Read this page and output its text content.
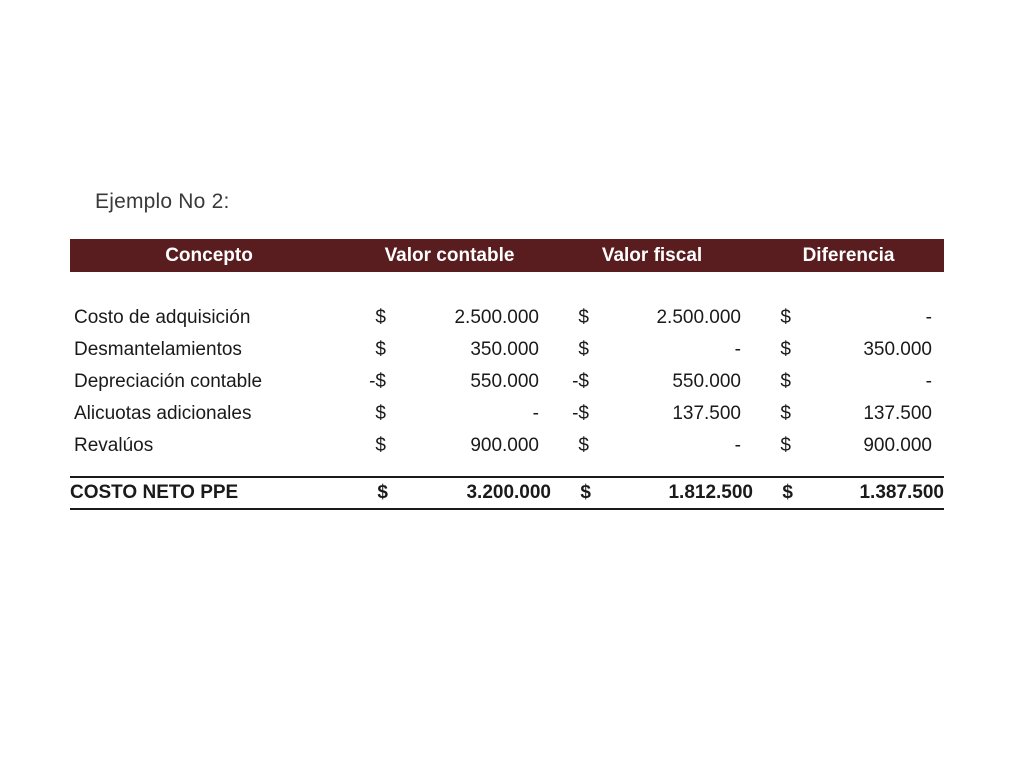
Ejemplo No 2:
Concepto	Valor contable		Valor fiscal		Diferencia	

Costo de adquisición	$	2.500.000	$	2.500.000	$	-
Desmantelamientos	$	350.000	$	-	$	350.000
Depreciación contable	-$	550.000	-$	550.000	$	-
Alicuotas adicionales	$	-	-$	137.500	$	137.500
Revalúos	$	900.000	$	-	$	900.000

COSTO NETO PPE	$	3.200.000	$	1.812.500	$	1.387.500
